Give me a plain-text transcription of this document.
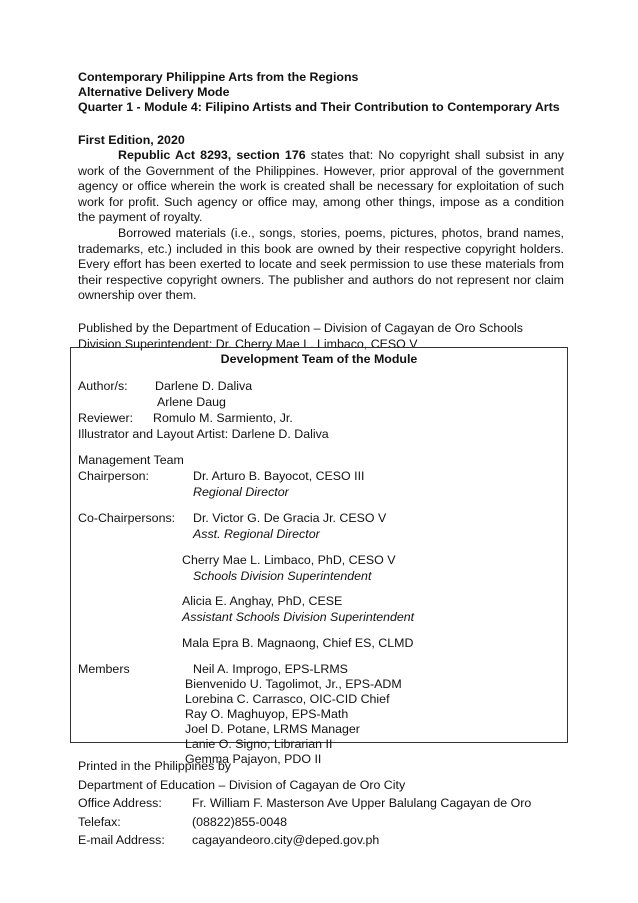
Contemporary Philippine Arts from the Regions
Alternative Delivery Mode
Quarter 1 - Module 4: Filipino Artists and Their Contribution to Contemporary Arts
First Edition, 2020

Republic Act 8293, section 176 states that: No copyright shall subsist in any work of the Government of the Philippines. However, prior approval of the government agency or office wherein the work is created shall be necessary for exploitation of such work for profit. Such agency or office may, among other things, impose as a condition the payment of royalty.

Borrowed materials (i.e., songs, stories, poems, pictures, photos, brand names, trademarks, etc.) included in this book are owned by their respective copyright holders. Every effort has been exerted to locate and seek permission to use these materials from their respective copyright owners. The publisher and authors do not represent nor claim ownership over them.

Published by the Department of Education – Division of Cagayan de Oro Schools
Division Superintendent: Dr. Cherry Mae L. Limbaco, CESO V
Development Team of the Module
Author/s: Darlene D. Daliva
Arlene Daug
Reviewer: Romulo M. Sarmiento, Jr.
Illustrator and Layout Artist: Darlene D. Daliva
Management Team
Chairperson:	Dr. Arturo B. Bayocot, CESO III
Regional Director
Co-Chairpersons: Dr. Victor G. De Gracia Jr. CESO V
Asst. Regional Director
Cherry Mae L. Limbaco, PhD, CESO V
Schools Division Superintendent
Alicia E. Anghay, PhD, CESE
Assistant Schools Division Superintendent
Mala Epra B. Magnaong, Chief ES, CLMD
Members	Neil A. Improgo, EPS-LRMS
Bienvenido U. Tagolimot, Jr., EPS-ADM
Lorebina C. Carrasco, OIC-CID Chief
Ray O. Maghuyop, EPS-Math
Joel D. Potane, LRMS Manager
Lanie O. Signo, Librarian II
Gemma Pajayon, PDO II
Printed in the Philippines by
Department of Education – Division of Cagayan de Oro City
Office Address:	Fr. William F. Masterson Ave Upper Balulang Cagayan de Oro
Telefax:	(08822)855-0048
E-mail Address:	cagayandeoro.city@deped.gov.ph
